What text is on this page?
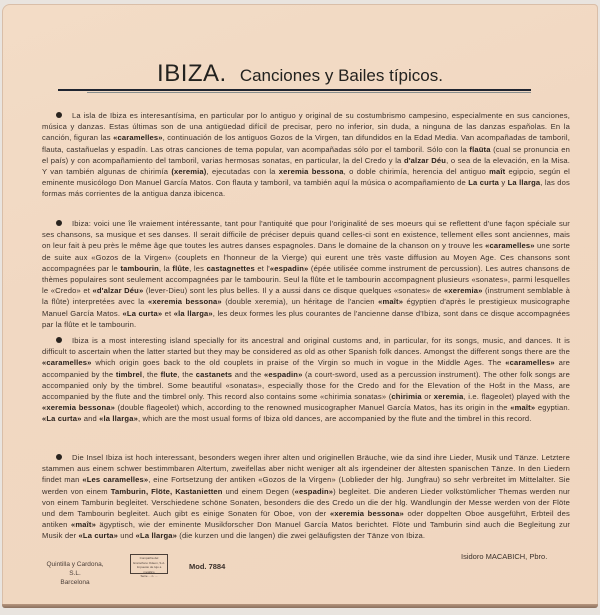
IBIZA. Canciones y Bailes típicos.
La isla de Ibiza es interesantísima, en particular por lo antiguo y original de su costumbrismo campesino, especialmente en sus canciones, música y danzas. Estas últimas son de una antigüedad difícil de precisar, pero no inferior, sin duda, a ninguna de las danzas españolas. En la canción, figuran las «caramelles», continuación de los antiguos Gozos de la Virgen, tan difundidos en la Edad Media. Van acompañadas de tamboril, flauta, castañuelas y espadín. Las otras canciones de tema popular, van acompañadas sólo por el tamboril. Sólo con la flaüta (cual se pronuncia en el país) y con acompañamiento del tamboril, varias hermosas sonatas, en particular, la del Credo y la d'alzar Déu, o sea de la elevación, en la Misa. Y van también algunas de chirimía (xeremia), ejecutadas con la xeremia bessona, o doble chirimía, herencia del antiguo maît egipcio, según el eminente musicólogo Don Manuel García Matos. Con flauta y tamboril, va también aquí la música o acompañamiento de La curta y La llarga, las dos formas más corrientes de la antigua danza ibicenca.
Ibiza: voici une île vraiement intéressante, tant pour l'antiquité que pour l'originalité de ses moeurs qui se reflettent d'une façon spéciale sur ses chansons, sa musique et ses danses. Il serait difficile de préciser depuis quand celles-ci sont en existence, tellement elles sont anciennes, mais on leur fait à peu près le même âge que toutes les autres danses espagnoles. Dans le domaine de la chanson on y trouve les «caramelles» une sorte de suite aux «Gozos de la Virgen» (couplets en l'honneur de la Vierge) qui eurent une très vaste diffusion au Moyen Age. Ces chansons sont accompagnées par le tambourin, la flûte, les castagnettes et l'«espadin» (épée utilisée comme instrument de percussion). Les autres chansons de thèmes populaires sont seulement accompagnées par le tambourin. Seul la flûte et le tambourin accompagnent plusieurs «sonates», parmi lesquelles le «Credo» et «d'alzar Déu» (lever-Dieu) sont les plus belles. Il y a aussi dans ce disque quelques «sonates» de «xeremia» (instrument semblable à la flûte) interpretées avec la «xeremia bessona» (double xeremia), un héritage de l'ancien «maît» égyptien d'après le prestigieux musicographe Manuel García Matos. «La curta» et «la llarga», les deux formes les plus courantes de l'ancienne danse d'Ibiza, sont dans ce disque accompagnées par la flûte et le tambourin.
Ibiza is a most interesting island specially for its ancestral and original customs and, in particular, for its songs, music, and dances. It is difficult to ascertain when the latter started but they may be considered as old as other Spanish folk dances. Amongst the different songs there are the «caramelles» which origin goes back to the old couplets in praise of the Virgin so much in vogue in the Middle Ages. The «caramelles» are accompanied by the timbrel, the flute, the castanets and the «espadin» (a court-sword, used as a percussion instrument). The other folk songs are accompanied only by the timbrel. Some beautiful «sonatas», especially those for the Credo and for the Elevation of the Hoŝt in the Mass, are accompanied by the flute and the timbrel only. This record also contains some «chirimia sonatas» (chirimia or xeremia, i.e. flageolet) played with the «xeremia bessona» (double flageolet) which, according to the renowned musicographer Manuel García Matos, has its origin in the «maît» egyptian. «La curta» and «la llarga», which are the most usual forms of Ibiza old dances, are accompanied by the flute and the timbrel in this record.
Die Insel Ibiza ist hoch interessant, besonders wegen ihrer alten und originellen Bräuche, wie da sind ihre Lieder, Musik und Tänze. Letztere stammen aus einem schwer bestimmbaren Altertum, zweifellas aber nicht weniger alt als irgendeiner der ältesten spanischen Tänze. In den Liedern findet man «Les caramelles», eine Fortsetzung der antiken «Gozos de la Virgen» (Loblieder der hlg. Jungfrau) so sehr verbreitet im Mittelalter. Sie werden von einem Tamburin, Flöte, Kastanietten und einem Degen («espadin») begleitet. Die anderen Lieder volkstümlicher Themas werden nur von einem Tamburin begleitet. Verschiedene schöne Sonaten, besonders die des Credo un die der hlg. Wandlungin der Messe werden von der Flöte und dem Tambourin begleitet. Auch gibt es einige Sonaten für Oboe, von der «xeremia bessona» oder doppelten Oboe ausgeführt, Erbteil des antiken «maît» ägyptisch, wie der eminente Musikforscher Don Manuel García Matos berichtet. Flöte und Tamburin sind auch die Begleitung zur Musik der «La curta» und «La llarga» (die kurzen und die langen) die zwei geläufigsten der Tänze von Ibiza.
Quintilla y Cardona, S.L.
Barcelona
Compañía del
Gramófono Odeon, S.A.
Impuesto de lujo a metálico
Serie ... n. ...
Mod. 7884
Isidoro MACABICH, Pbro.
